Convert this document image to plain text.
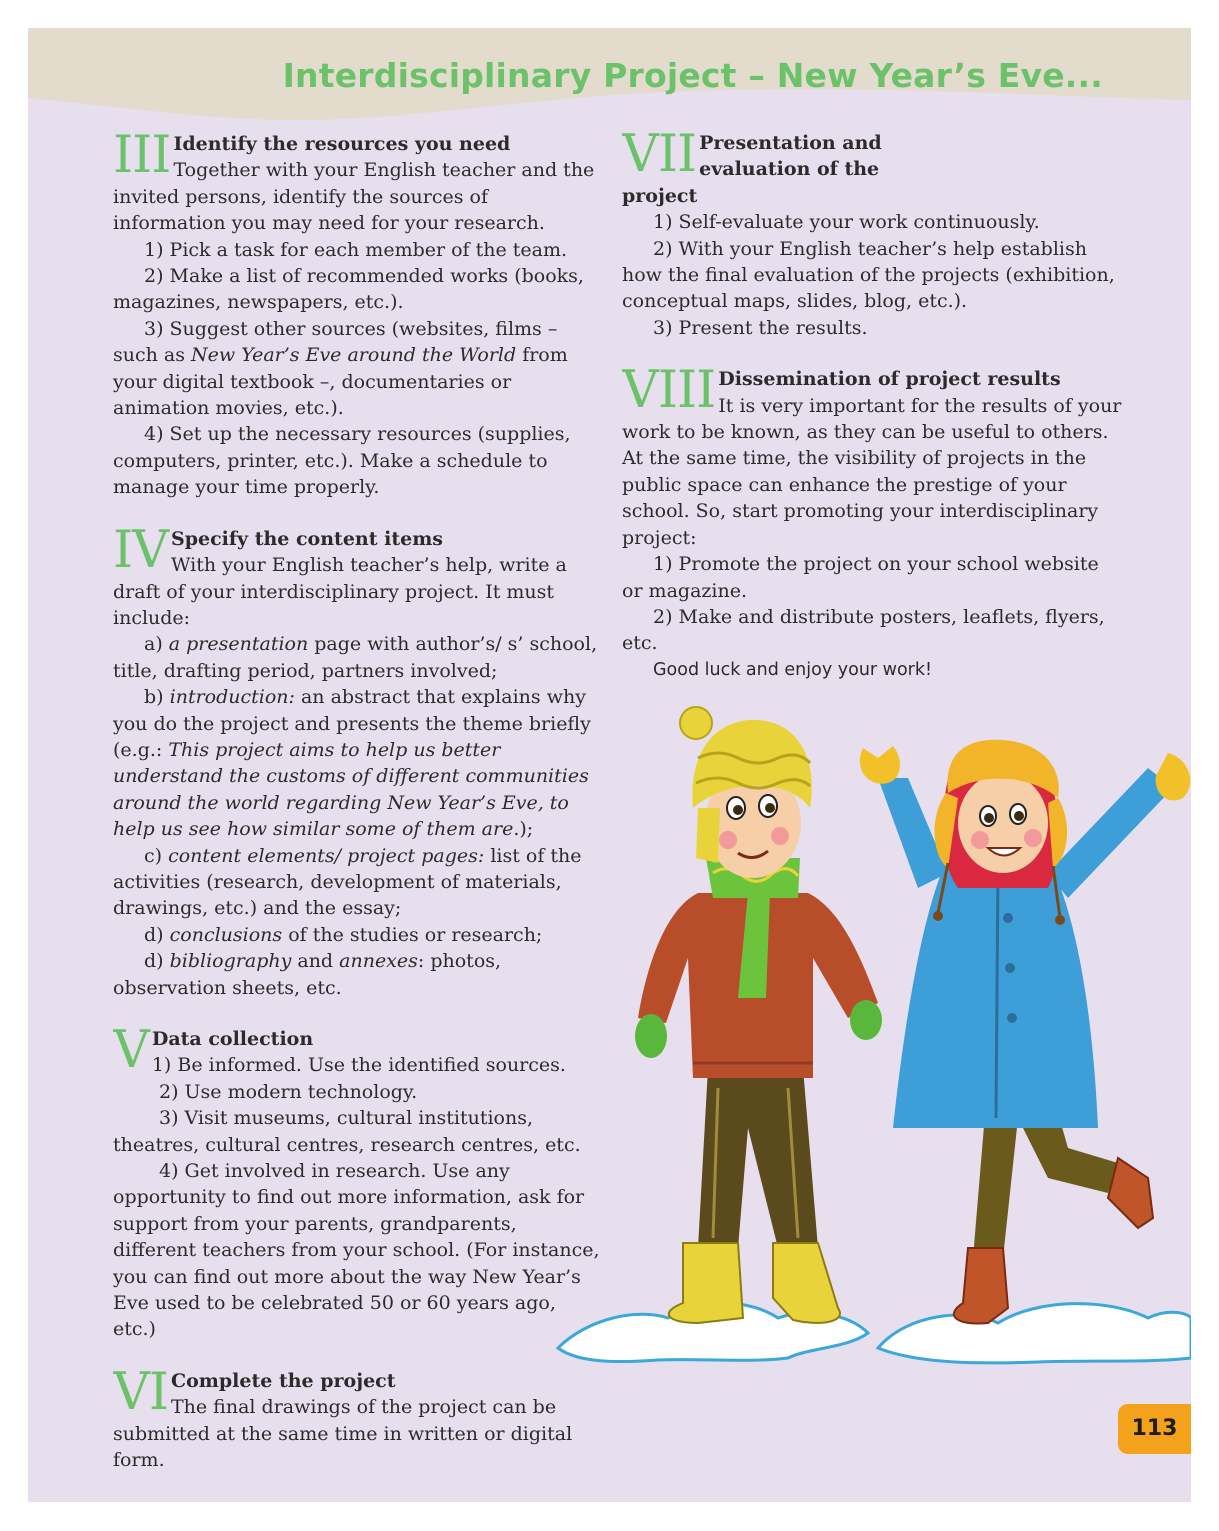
Interdisciplinary Project – New Year’s Eve...
III Identify the resources you need
Together with your English teacher and the invited persons, identify the sources of information you may need for your research.

1) Pick a task for each member of the team.

2) Make a list of recommended works (books, magazines, newspapers, etc.).

3) Suggest other sources (websites, films – such as New Year’s Eve around the World from your digital textbook –, documentaries or animation movies, etc.).

4) Set up the necessary resources (supplies, computers, printer, etc.). Make a schedule to manage your time properly.

IV Specify the content items
With your English teacher’s help, write a draft of your interdisciplinary project. It must include:

a) a presentation page with author’s/ s’ school, title, drafting period, partners involved;

b) introduction: an abstract that explains why you do the project and presents the theme briefly (e.g.: This project aims to help us better understand the customs of different communities around the world regarding New Year’s Eve, to help us see how similar some of them are.);

c) content elements/ project pages: list of the activities (research, development of materials, drawings, etc.) and the essay;

d) conclusions of the studies or research;

d) bibliography and annexes: photos, observation sheets, etc.

V Data collection
1) Be informed. Use the identified sources.

2) Use modern technology.

3) Visit museums, cultural institutions, theatres, cultural centres, research centres, etc.

4) Get involved in research. Use any opportunity to find out more information, ask for support from your parents, grandparents, different teachers from your school. (For instance, you can find out more about the way New Year’s Eve used to be celebrated 50 or 60 years ago, etc.)

VI Complete the project
The final drawings of the project can be submitted at the same time in written or digital form.
VII Presentation and evaluation of the project

1) Self-evaluate your work continuously.

2) With your English teacher’s help establish how the final evaluation of the projects (exhibition, conceptual maps, slides, blog, etc.).

3) Present the results.

VIII Dissemination of project results
It is very important for the results of your work to be known, as they can be useful to others. At the same time, the visibility of projects in the public space can enhance the prestige of your school. So, start promoting your interdisciplinary project:

1) Promote the project on your school website or magazine.

2) Make and distribute posters, leaflets, flyers, etc.

Good luck and enjoy your work!

113
